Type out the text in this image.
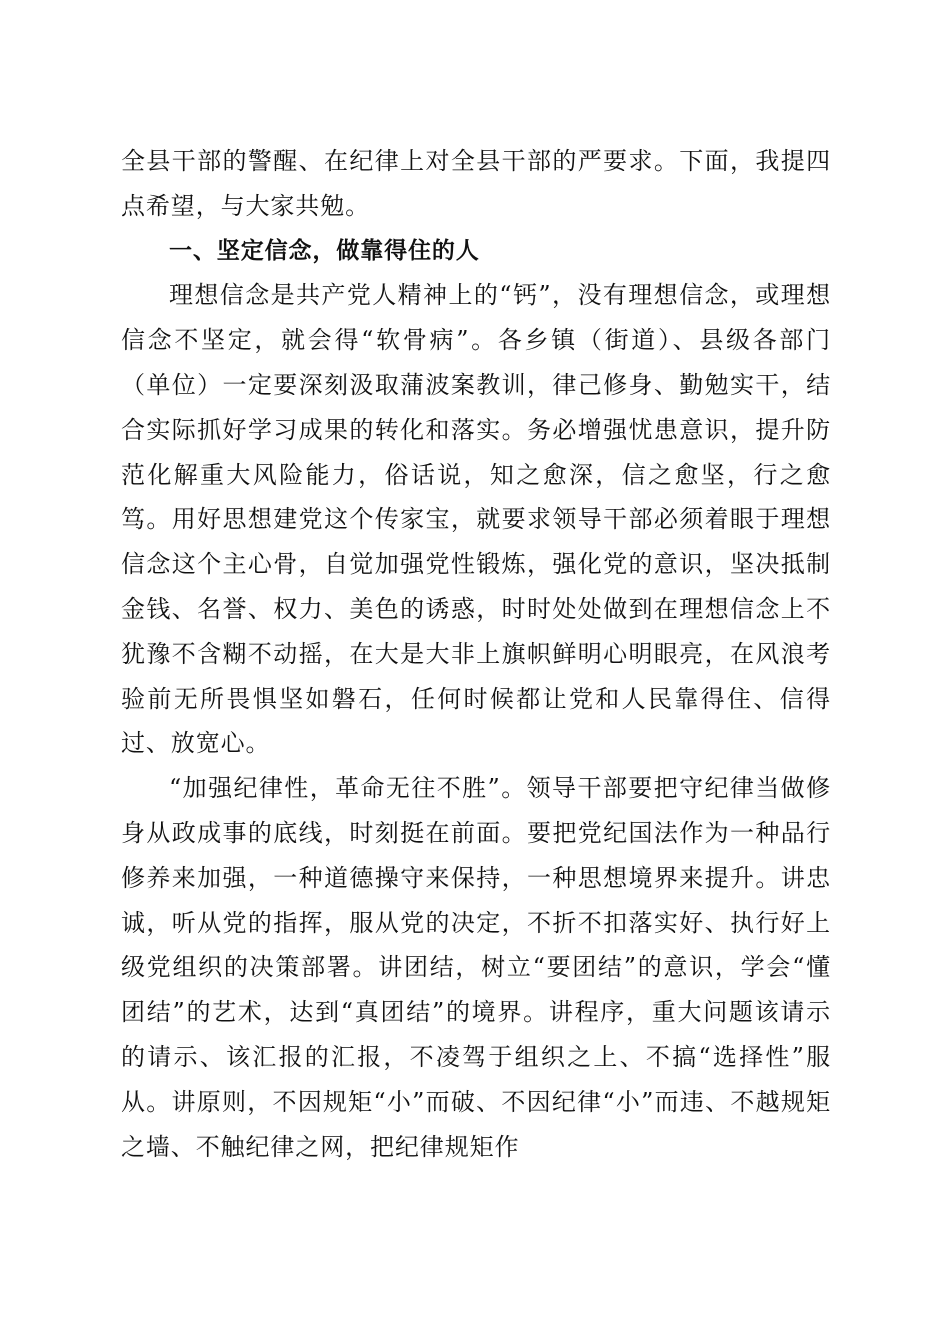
全县干部的警醒、在纪律上对全县干部的严要求。下面，我提四点希望，与大家共勉。

一、坚定信念，做靠得住的人

理想信念是共产党人精神上的“钙”，没有理想信念，或理想信念不坚定，就会得“软骨病”。各乡镇（街道）、县级各部门（单位）一定要深刻汲取蒲波案教训，律己修身、勤勉实干，结合实际抓好学习成果的转化和落实。务必增强忧患意识，提升防范化解重大风险能力，俗话说，知之愈深，信之愈坚，行之愈笃。用好思想建党这个传家宝，就要求领导干部必须着眼于理想信念这个主心骨，自觉加强党性锻炼，强化党的意识，坚决抵制金钱、名誉、权力、美色的诱惑，时时处处做到在理想信念上不犹豫不含糊不动摇，在大是大非上旗帜鲜明心明眼亮，在风浪考验前无所畏惧坚如磐石，任何时候都让党和人民靠得住、信得过、放宽心。

“加强纪律性，革命无往不胜”。领导干部要把守纪律当做修身从政成事的底线，时刻挺在前面。要把党纪国法作为一种品行修养来加强，一种道德操守来保持，一种思想境界来提升。讲忠诚，听从党的指挥，服从党的决定，不折不扣落实好、执行好上级党组织的决策部署。讲团结，树立“要团结”的意识，学会“懂团结”的艺术，达到“真团结”的境界。讲程序，重大问题该请示的请示、该汇报的汇报，不凌驾于组织之上、不搞“选择性”服从。讲原则，不因规矩“小”而破、不因纪律“小”而违、不越规矩之墙、不触纪律之网，把纪律规矩作
